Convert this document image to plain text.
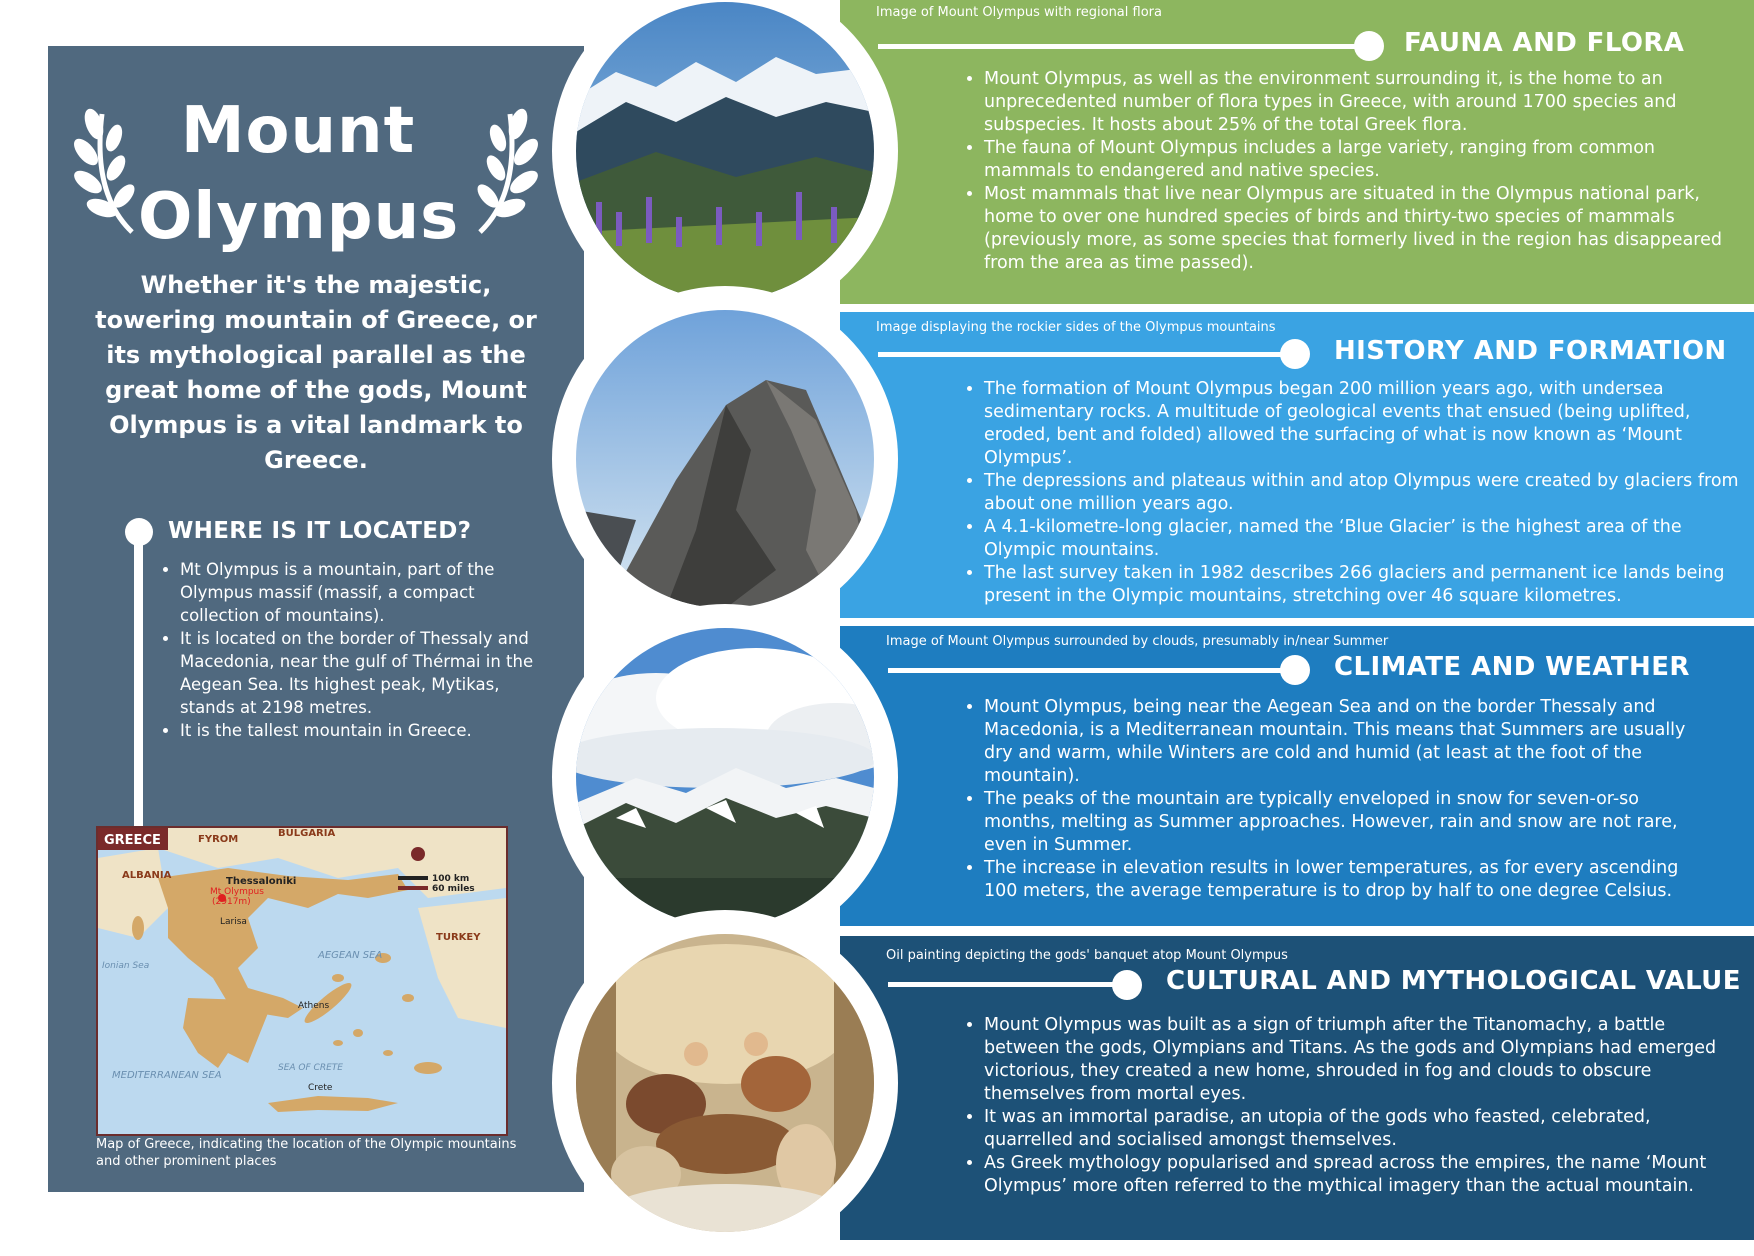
Mount Olympus
Whether it's the majestic, towering mountain of Greece, or its mythological parallel as the great home of the gods, Mount Olympus is a vital landmark to Greece.
WHERE IS IT LOCATED?
• Mt Olympus is a mountain, part of the Olympus massif (massif, a compact collection of mountains).
• It is located on the border of Thessaly and Macedonia, near the gulf of Thérmai in the Aegean Sea. Its highest peak, Mytikas, stands at 2198 metres.
• It is the tallest mountain in Greece.
GREECE	FYROM
BULGARIA
ALBANIA
TURKEY
Thessaloniki
Mt Olympus
(2917m)
Larisa
Athens
AEGEAN SEA
Ionian Sea
MEDITERRANEAN SEA
SEA OF CRETE
Crete
100 km
60 miles
Map of Greece, indicating the location of the Olympic mountains and other prominent places
Image of Mount Olympus with regional flora
FAUNA AND FLORA
• Mount Olympus, as well as the environment surrounding it, is the home to an unprecedented number of flora types in Greece, with around 1700 species and subspecies. It hosts about 25% of the total Greek flora.
• The fauna of Mount Olympus includes a large variety, ranging from common mammals to endangered and native species.
• Most mammals that live near Olympus are situated in the Olympus national park, home to over one hundred species of birds and thirty-two species of mammals (previously more, as some species that formerly lived in the region has disappeared from the area as time passed).
Image displaying the rockier sides of the Olympus mountains
HISTORY AND FORMATION
• The formation of Mount Olympus began 200 million years ago, with undersea sedimentary rocks. A multitude of geological events that ensued (being uplifted, eroded, bent and folded) allowed the surfacing of what is now known as ‘Mount Olympus’.
• The depressions and plateaus within and atop Olympus were created by glaciers from about one million years ago.
• A 4.1-kilometre-long glacier, named the ‘Blue Glacier’ is the highest area of the Olympic mountains.
• The last survey taken in 1982 describes 266 glaciers and permanent ice lands being present in the Olympic mountains, stretching over 46 square kilometres.
Image of Mount Olympus surrounded by clouds, presumably in/near Summer
CLIMATE AND WEATHER
• Mount Olympus, being near the Aegean Sea and on the border Thessaly and Macedonia, is a Mediterranean mountain. This means that Summers are usually dry and warm, while Winters are cold and humid (at least at the foot of the mountain).
• The peaks of the mountain are typically enveloped in snow for seven-or-so months, melting as Summer approaches. However, rain and snow are not rare, even in Summer.
• The increase in elevation results in lower temperatures, as for every ascending 100 meters, the average temperature is to drop by half to one degree Celsius.
Oil painting depicting the gods' banquet atop Mount Olympus
CULTURAL AND MYTHOLOGICAL VALUE
• Mount Olympus was built as a sign of triumph after the Titanomachy, a battle between the gods, Olympians and Titans. As the gods and Olympians had emerged victorious, they created a new home, shrouded in fog and clouds to obscure themselves from mortal eyes.
• It was an immortal paradise, an utopia of the gods who feasted, celebrated, quarrelled and socialised amongst themselves.
• As Greek mythology popularised and spread across the empires, the name ‘Mount Olympus’ more often referred to the mythical imagery than the actual mountain.
